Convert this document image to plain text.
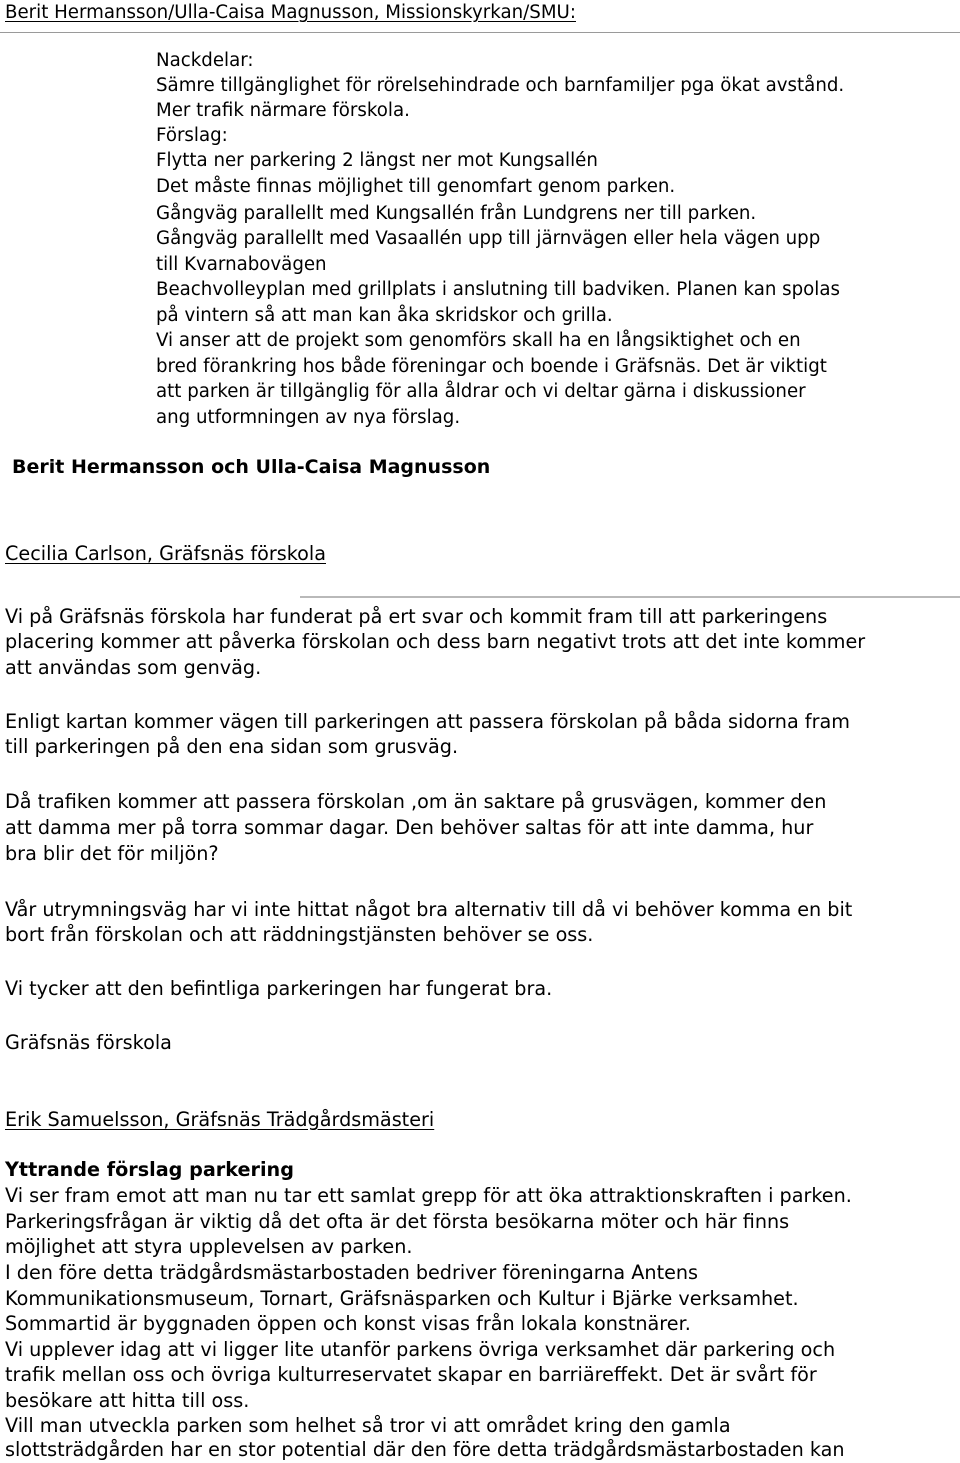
Berit Hermansson/Ulla-Caisa Magnusson, Missionskyrkan/SMU:
Nackdelar:
Sämre tillgänglighet för rörelsehindrade och barnfamiljer pga ökat avstånd.
Mer trafik närmare förskola.
Förslag:
Flytta ner parkering 2 längst ner mot Kungsallén
Det måste finnas möjlighet till genomfart genom parken.
Gångväg parallellt med Kungsallén från Lundgrens ner till parken.
Gångväg parallellt med Vasaallén upp till järnvägen eller hela vägen upp
till Kvarnabovägen
Beachvolleyplan med grillplats i anslutning till badviken. Planen kan spolas
på vintern så att man kan åka skridskor och grilla.
Vi anser att de projekt som genomförs skall ha en långsiktighet och en
bred förankring hos både föreningar och boende i Gräfsnäs. Det är viktigt
att parken är tillgänglig för alla åldrar och vi deltar gärna i diskussioner
ang utformningen av nya förslag.
Berit Hermansson och Ulla-Caisa Magnusson
Cecilia Carlson, Gräfsnäs förskola
Vi på Gräfsnäs förskola har funderat på ert svar och kommit fram till att parkeringens
placering kommer att påverka förskolan och dess barn negativt trots att det inte kommer
att användas som genväg.
Enligt kartan kommer vägen till parkeringen att passera förskolan på båda sidorna fram
till parkeringen på den ena sidan som grusväg.
Då trafiken kommer att passera förskolan ,om än saktare på grusvägen, kommer den
att damma mer på torra sommar dagar. Den behöver saltas för att inte damma, hur
bra blir det för miljön?
Vår utrymningsväg har vi inte hittat något bra alternativ till då vi behöver komma en bit
bort från förskolan och att räddningstjänsten behöver se oss.
Vi tycker att den befintliga parkeringen har fungerat bra.
Gräfsnäs förskola
Erik Samuelsson, Gräfsnäs Trädgårdsmästeri
Yttrande förslag parkering
Vi ser fram emot att man nu tar ett samlat grepp för att öka attraktionskraften i parken.
Parkeringsfrågan är viktig då det ofta är det första besökarna möter och här finns
möjlighet att styra upplevelsen av parken.
I den före detta trädgårdsmästarbostaden bedriver föreningarna Antens
Kommunikationsmuseum, Tornart, Gräfsnäsparken och Kultur i Bjärke verksamhet.
Sommartid är byggnaden öppen och konst visas från lokala konstnärer.
Vi upplever idag att vi ligger lite utanför parkens övriga verksamhet där parkering och
trafik mellan oss och övriga kulturreservatet skapar en barriäreffekt. Det är svårt för
besökare att hitta till oss.
Vill man utveckla parken som helhet så tror vi att området kring den gamla
slottsträdgården har en stor potential där den före detta trädgårdsmästarbostaden kan
